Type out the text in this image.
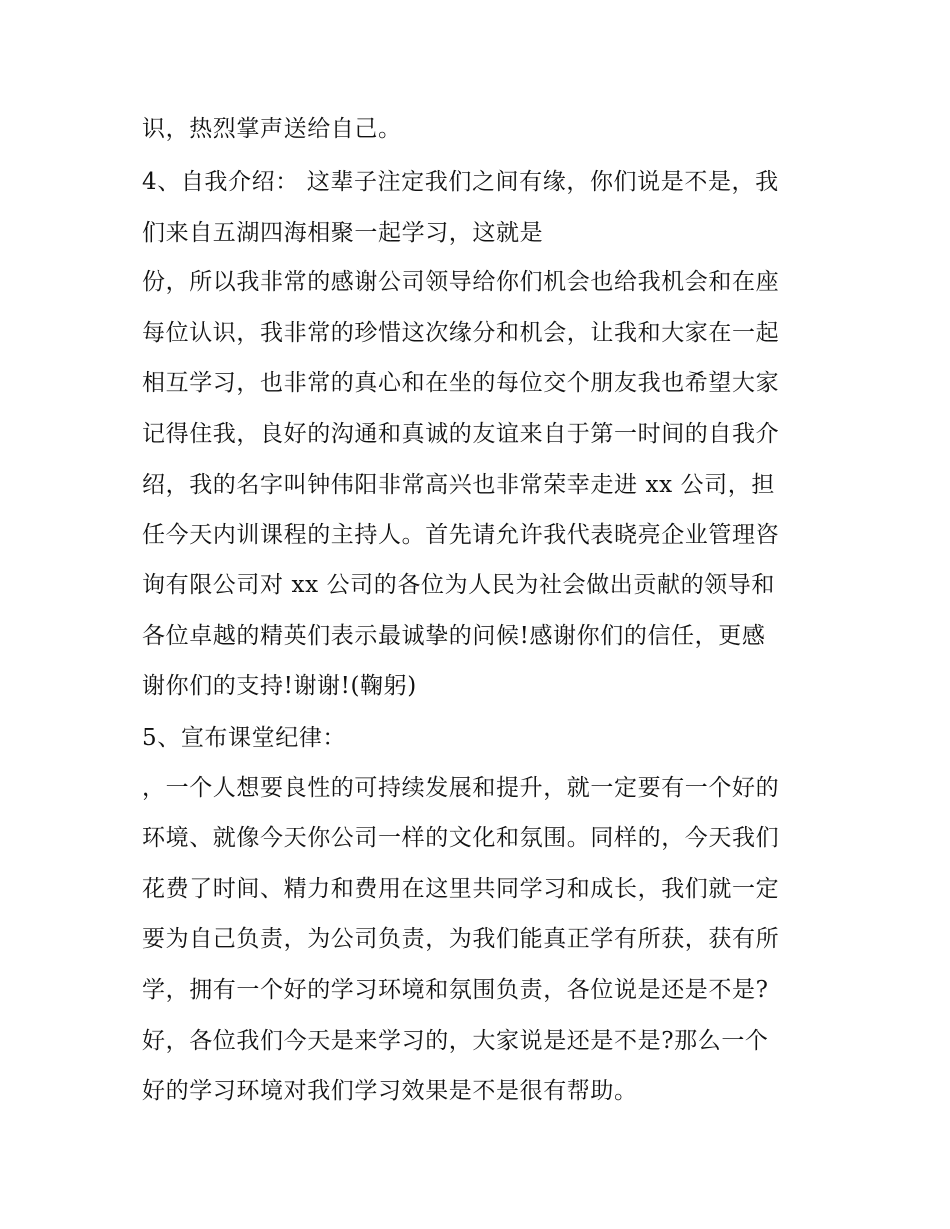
识，热烈掌声送给自己。
4、自我介绍： 这辈子注定我们之间有缘，你们说是不是，我
们来自五湖四海相聚一起学习，这就是
份，所以我非常的感谢公司领导给你们机会也给我机会和在座
每位认识，我非常的珍惜这次缘分和机会，让我和大家在一起
相互学习，也非常的真心和在坐的每位交个朋友我也希望大家
记得住我，良好的沟通和真诚的友谊来自于第一时间的自我介
绍，我的名字叫钟伟阳非常高兴也非常荣幸走进 xx 公司，担
任今天内训课程的主持人。首先请允许我代表晓亮企业管理咨
询有限公司对 xx 公司的各位为人民为社会做出贡献的领导和
各位卓越的精英们表示最诚挚的问候!感谢你们的信任，更感
谢你们的支持!谢谢!(鞠躬)
5、宣布课堂纪律：
，一个人想要良性的可持续发展和提升，就一定要有一个好的
环境、就像今天你公司一样的文化和氛围。同样的，今天我们
花费了时间、精力和费用在这里共同学习和成长，我们就一定
要为自己负责，为公司负责，为我们能真正学有所获，获有所
学，拥有一个好的学习环境和氛围负责，各位说是还是不是?
好，各位我们今天是来学习的，大家说是还是不是?那么一个
好的学习环境对我们学习效果是不是很有帮助。
